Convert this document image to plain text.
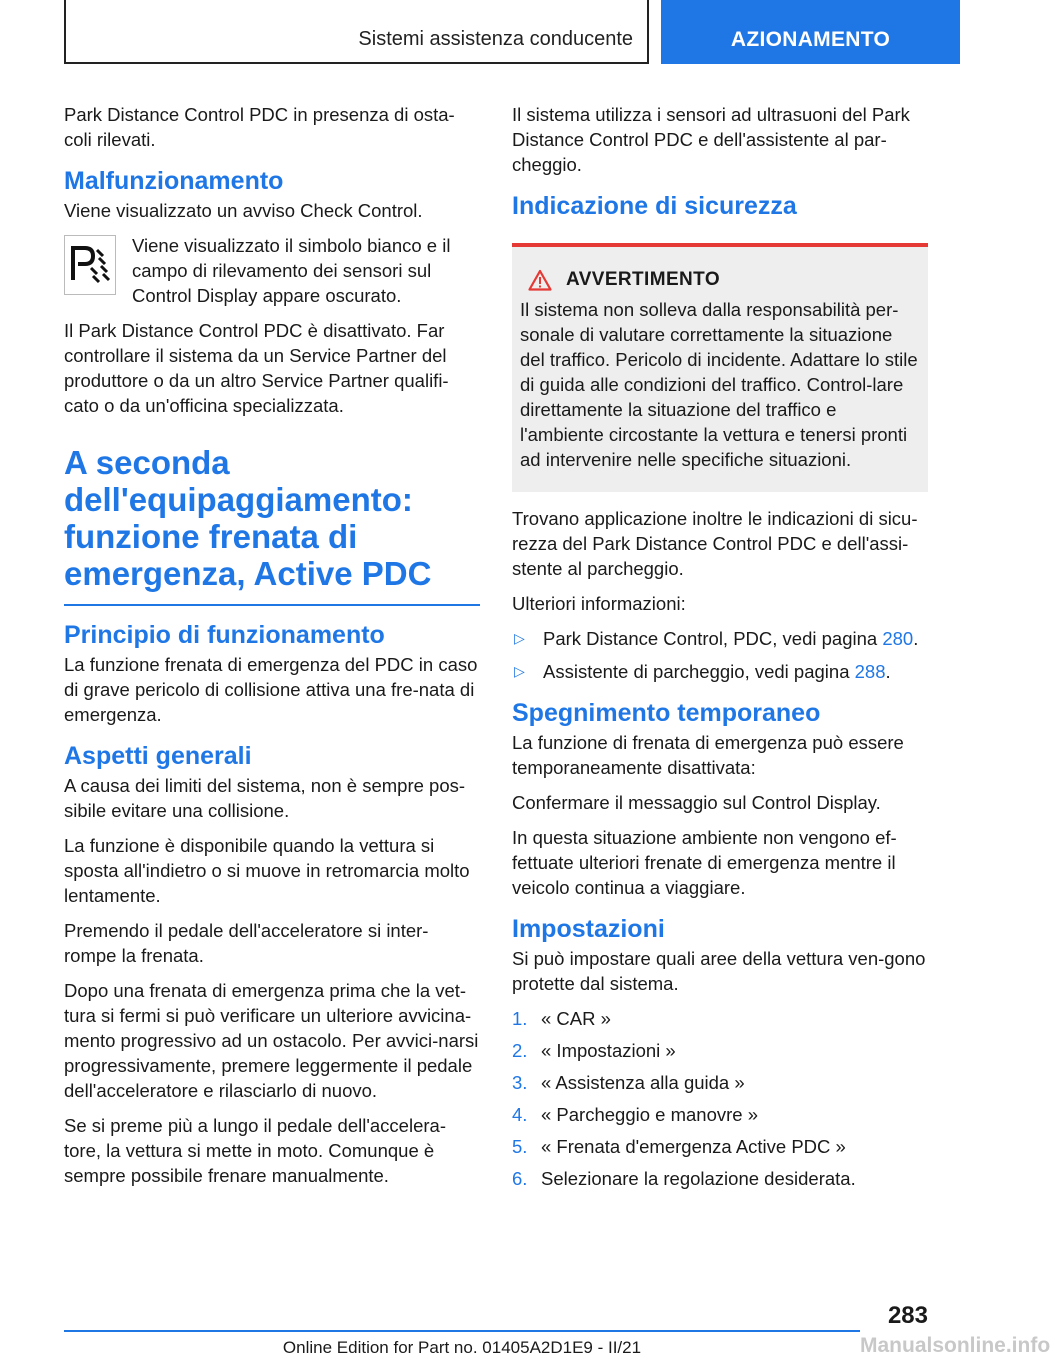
Sistemi assistenza conducente	AZIONAMENTO

Park Distance Control PDC in presenza di osta-coli rilevati.

Malfunzionamento

Viene visualizzato un avviso Check Control.

Viene visualizzato il simbolo bianco e il campo di rilevamento dei sensori sul Control Display appare oscurato.

Il Park Distance Control PDC è disattivato. Far controllare il sistema da un Service Partner del produttore o da un altro Service Partner qualifi-cato o da un'officina specializzata.

A seconda dell'equipaggiamento: funzione frenata di emergenza, Active PDC
Principio di funzionamento

La funzione frenata di emergenza del PDC in caso di grave pericolo di collisione attiva una fre-nata di emergenza.

Aspetti generali

A causa dei limiti del sistema, non è sempre pos-sibile evitare una collisione.

La funzione è disponibile quando la vettura si sposta all'indietro o si muove in retromarcia molto lentamente.

Premendo il pedale dell'acceleratore si inter-rompe la frenata.

Dopo una frenata di emergenza prima che la vet-tura si fermi si può verificare un ulteriore avvicina-mento progressivo ad un ostacolo. Per avvici-narsi progressivamente, premere leggermente il pedale dell'acceleratore e rilasciarlo di nuovo.

Se si preme più a lungo il pedale dell'accelera-tore, la vettura si mette in moto. Comunque è sempre possibile frenare manualmente.

Il sistema utilizza i sensori ad ultrasuoni del Park Distance Control PDC e dell'assistente al par-cheggio.

Indicazione di sicurezza
AVVERTIMENTO

Il sistema non solleva dalla responsabilità per-sonale di valutare correttamente la situazione del traffico. Pericolo di incidente. Adattare lo stile di guida alle condizioni del traffico. Control-lare direttamente la situazione del traffico e l'ambiente circostante la vettura e tenersi pronti ad intervenire nelle specifiche situazioni.

Trovano applicazione inoltre le indicazioni di sicu-rezza del Park Distance Control PDC e dell'assi-stente al parcheggio.

Ulteriori informazioni:

▷ Park Distance Control, PDC, vedi pagina 280.
▷ Assistente di parcheggio, vedi pagina 288.
Spegnimento temporaneo

La funzione di frenata di emergenza può essere temporaneamente disattivata:

Confermare il messaggio sul Control Display.

In questa situazione ambiente non vengono ef-fettuate ulteriori frenate di emergenza mentre il veicolo continua a viaggiare.

Impostazioni

Si può impostare quali aree della vettura ven-gono protette dal sistema.

1. « CAR »
2. « Impostazioni »
3. « Assistenza alla guida »
4. « Parcheggio e manovre »
5. « Frenata d'emergenza Active PDC »
6. Selezionare la regolazione desiderata.
283
Online Edition for Part no. 01405A2D1E9 - II/21	Manualsonline.info
